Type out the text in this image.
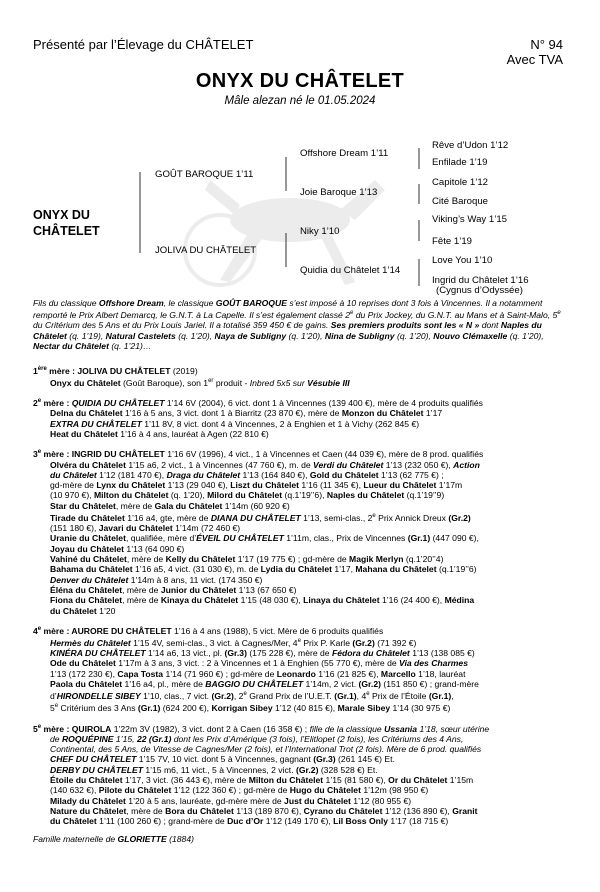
Présenté par l’Élevage du CHÂTELET	N° 94
Avec TVA
ONYX DU CHÂTELET
Mâle alezan né le 01.05.2024
ONYX DU
CHÂTELET
GOÛT BAROQUE 1’11
JOLIVA DU CHÂTELET
Offshore Dream 1’11
Joie Baroque 1’13
Niky 1’10
Quidia du Châtelet 1’14
Rêve d’Udon 1’12
Enfilade 1’19
Capitole 1’12
Cité Baroque
Viking’s Way 1’15
Fête 1’19
Love You 1’10
Ingrid du Châtelet 1’16
(Cygnus d’Odyssée)
Fils du classique Offshore Dream, le classique GOÛT BAROQUE s’est imposé à 10 reprises dont 3 fois à Vincennes. Il a notamment remporté le Prix Albert Demarcq, le G.N.T. à La Capelle. Il s’est également classé 2e du Prix Jockey, du G.N.T. au Mans et à Saint-Malo, 5e du Critérium des 5 Ans et du Prix Louis Jariel. Il a totalisé 359 450 € de gains. Ses premiers produits sont les « N » dont Naples du Châtelet (q. 1’19), Natural Castelets (q. 1’20), Naya de Subligny (q. 1’20), Nina de Subligny (q. 1’20), Nouvo Clémaxelle (q. 1’20), Nectar du Châtelet (q. 1’21)…

1ère mère : JOLIVA DU CHÂTELET (2019)

Onyx du Châtelet (Goût Baroque), son 1er produit - Inbred 5x5 sur Vésubie III

2e mère : QUIDIA DU CHÂTELET 1’14 6V (2004), 6 vict. dont 1 à Vincennes (139 400 €), mère de 4 produits qualifiés

Delna du Châtelet 1’16 à 5 ans, 3 vict. dont 1 à Biarritz (23 870 €), mère de Monzon du Châtelet 1’17

EXTRA DU CHÂTELET 1’11 8V, 8 vict. dont 4 à Vincennes, 2 à Enghien et 1 à Vichy (262 845 €)

Heat du Châtelet 1’16 à 4 ans, lauréat à Agen (22 810 €)

3e mère : INGRID DU CHÂTELET 1’16 6V (1996), 4 vict., 1 à Vincennes et Caen (44 039 €), mère de 8 prod. qualifiés

Olvéra du Châtelet 1’15 a6, 2 vict., 1 à Vincennes (47 760 €), m. de Verdi du Châtelet 1’13 (232 050 €), Action

du Châtelet 1’12 (181 470 €), Draga du Châtelet 1’13 (164 840 €), Gold du Châtelet 1’13 (62 775 €) ;

gd-mère de Lynx du Châtelet 1’13 (29 040 €), Liszt du Châtelet 1’16 (11 345 €), Lueur du Châtelet 1’17m

(10 970 €), Milton du Châtelet (q. 1’20), Milord du Châtelet (q.1’19’’6), Naples du Châtelet (q.1’19’’9)

Star du Châtelet, mère de Gala du Châtelet 1’14m (60 920 €)

Tirade du Châtelet 1’16 a4, gte, mère de DIANA DU CHÂTELET 1’13, semi-clas., 2e Prix Annick Dreux (Gr.2)

(151 180 €), Javari du Châtelet 1’14m (72 460 €)

Uranie du Châtelet, qualifiée, mère d’ÉVEIL DU CHÂTELET 1’11m, clas., Prix de Vincennes (Gr.1) (447 090 €),

Joyau du Châtelet 1’13 (64 090 €)

Vahiné du Châtelet, mère de Kelly du Châtelet 1’17 (19 775 €) ; gd-mère de Magik Merlyn (q.1’20’’4)

Bahama du Châtelet 1’16 a5, 4 vict. (31 030 €), m. de Lydia du Châtelet 1’17, Mahana du Châtelet (q.1’19’’6)

Denver du Châtelet 1’14m à 8 ans, 11 vict. (174 350 €)

Éléna du Châtelet, mère de Junior du Châtelet 1’13 (67 650 €)

Fiona du Châtelet, mère de Kinaya du Châtelet 1’15 (48 030 €), Linaya du Châtelet 1’16 (24 400 €), Médina

du Châtelet 1’20

4e mère : AURORE DU CHÂTELET 1’16 à 4 ans (1988), 5 vict. Mère de 6 produits qualifiés

Hermès du Châtelet 1’15 4V, semi-clas., 3 vict. à Cagnes/Mer, 4e Prix P. Karle (Gr.2) (71 392 €)

KINÉRA DU CHÂTELET 1’14 a6, 13 vict., pl. (Gr.3) (175 228 €), mère de Fédora du Châtelet 1’13 (138 085 €)

Ode du Châtelet 1’17m à 3 ans, 3 vict. : 2 à Vincennes et 1 à Enghien (55 770 €), mère de Via des Charmes

1’13 (172 230 €), Capa Tosta 1’14 (71 960 €) ; gd-mère de Leonardo 1’16 (21 825 €), Marcello 1’18, lauréat

Paola du Châtelet 1’16 a4, pl., mère de BAGGIO DU CHÂTELET 1’14m, 2 vict. (Gr.2) (151 850 €) ; grand-mère

d’HIRONDELLE SIBEY 1’10, clas., 7 vict. (Gr.2), 2e Grand Prix de l’U.E.T. (Gr.1), 4e Prix de l’Étoile (Gr.1),

5e Critérium des 3 Ans (Gr.1) (624 200 €), Korrigan Sibey 1’12 (40 815 €), Marale Sibey 1’14 (30 975 €)

5e mère : QUIROLA 1’22m 3V (1982), 3 vict. dont 2 à Caen (16 358 €) ; fille de la classique Ussania 1’18, sœur utérine

de ROQUÉPINE 1’15, 22 (Gr.1) dont les Prix d’Amérique (3 fois), l’Elitlopet (2 fois), les Critériums des 4 Ans,

Continental, des 5 Ans, de Vitesse de Cagnes/Mer (2 fois), et l’International Trot (2 fois). Mère de 6 prod. qualifiés

CHEF DU CHÂTELET 1’15 7V, 10 vict. dont 5 à Vincennes, gagnant (Gr.3) (261 145 €) Et.

DERBY DU CHÂTELET 1’15 m6, 11 vict., 5 à Vincennes, 2 vict. (Gr.2) (328 528 €) Et.

Étoile du Châtelet 1’17, 3 vict. (36 443 €), mère de Milton du Châtelet 1’15 (81 580 €), Or du Châtelet 1’15m

(140 632 €), Pilote du Châtelet 1’12 (122 360 €) ; gd-mère de Hugo du Châtelet 1’12m (98 950 €)

Milady du Châtelet 1’20 à 5 ans, lauréate, gd-mère mère de Just du Châtelet 1’12 (80 955 €)

Nature du Châtelet, mère de Bora du Châtelet 1’13 (189 870 €), Cyrano du Châtelet 1’12 (136 890 €), Granit

du Châtelet 1’11 (100 260 €) ; grand-mère de Duc d’Or 1’12 (149 170 €), Lil Boss Only 1’17 (18 715 €)

Famille maternelle de GLORIETTE (1884)
